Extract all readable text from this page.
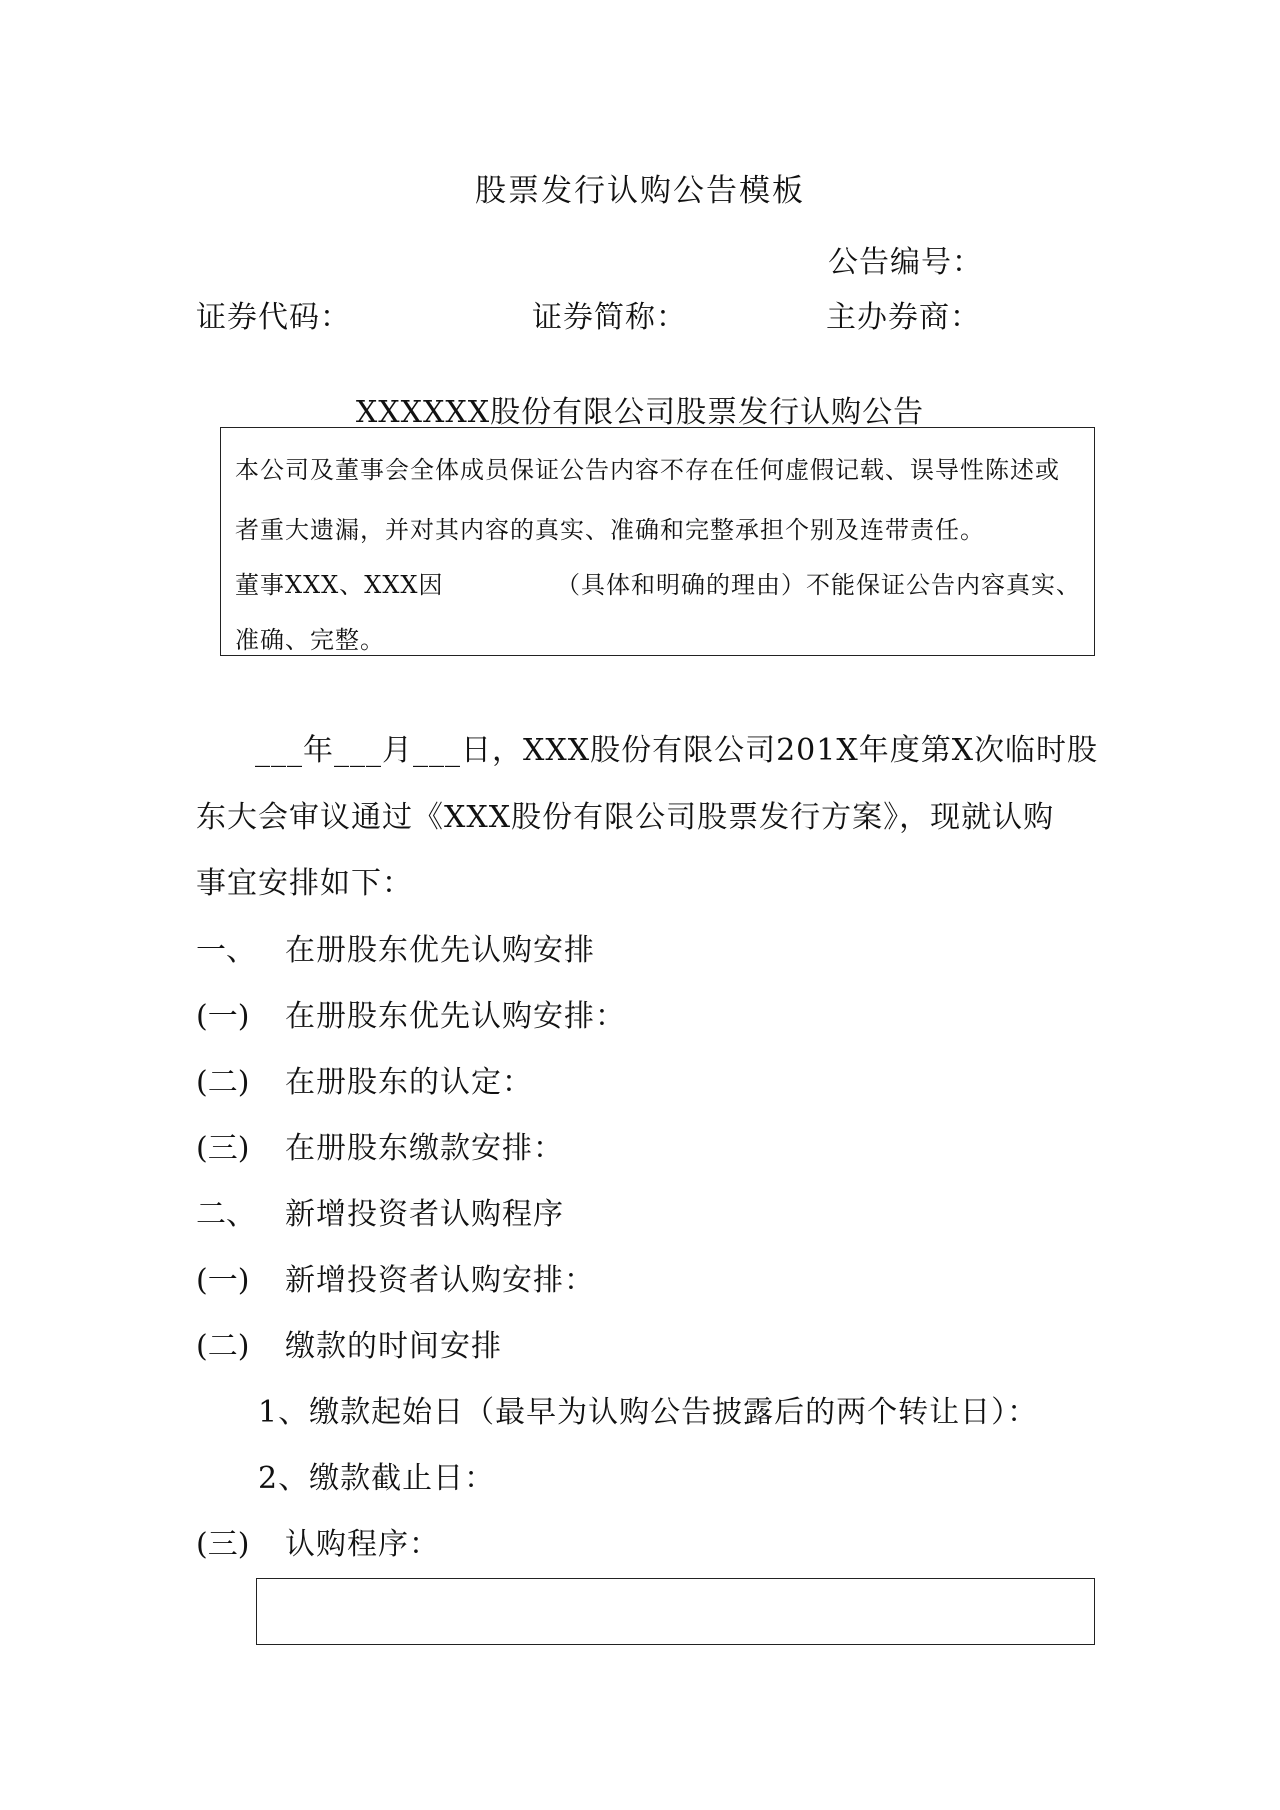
股票发行认购公告模板
公告编号：
证券代码：	证券简称：	主办券商：
XXXXXX股份有限公司股票发行认购公告
本公司及董事会全体成员保证公告内容不存在任何虚假记载、误导性陈述或
者重大遗漏，并对其内容的真实、准确和完整承担个别及连带责任。
董事XXX、XXX因	（具体和明确的理由）不能保证公告内容真实、
准确、完整。
___年___月___日，XXX股份有限公司201X年度第X次临时股
东大会审议通过《XXX股份有限公司股票发行方案》，现就认购
事宜安排如下：
一、 在册股东优先认购安排
(一) 在册股东优先认购安排：
(二) 在册股东的认定：
(三) 在册股东缴款安排：
二、 新增投资者认购程序
(一) 新增投资者认购安排：
(二) 缴款的时间安排
1、缴款起始日（最早为认购公告披露后的两个转让日）：
2、缴款截止日：
(三) 认购程序：
